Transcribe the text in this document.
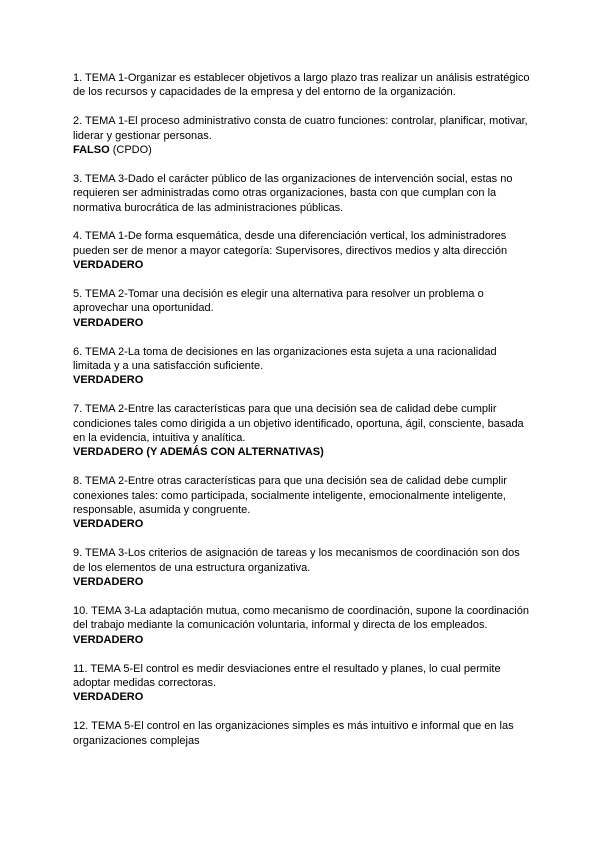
1. TEMA 1-Organizar es establecer objetivos a largo plazo tras realizar un análisis estratégico de los recursos y capacidades de la empresa y del entorno de la organización.
2. TEMA 1-El proceso administrativo consta de cuatro funciones: controlar, planificar, motivar, liderar y gestionar personas.
FALSO (CPDO)
3. TEMA 3-Dado el carácter público de las organizaciones de intervención social, estas no requieren ser administradas como otras organizaciones, basta con que cumplan con la normativa burocrática de las administraciones públicas.
4. TEMA 1-De forma esquemática, desde una diferenciación vertical, los administradores pueden ser de menor a mayor categoría: Supervisores, directivos medios y alta dirección
VERDADERO
5. TEMA 2-Tomar una decisión es elegir una alternativa para resolver un problema o aprovechar una oportunidad.
VERDADERO
6. TEMA 2-La toma de decisiones en las organizaciones esta sujeta a una racionalidad limitada y a una satisfacción suficiente.
VERDADERO
7. TEMA 2-Entre las características para que una decisión sea de calidad debe cumplir condiciones tales como dirigida a un objetivo identificado, oportuna, ágil, consciente, basada en la evidencia, intuitiva y analítica.
VERDADERO (Y ADEMÁS CON ALTERNATIVAS)
8. TEMA 2-Entre otras características para que una decisión sea de calidad debe cumplir conexiones tales: como participada, socialmente inteligente, emocionalmente inteligente, responsable, asumida y congruente.
VERDADERO
9. TEMA 3-Los criterios de asignación de tareas y los mecanismos de coordinación son dos de los elementos de una estructura organizativa.
VERDADERO
10. TEMA 3-La adaptación mutua, como mecanismo de coordinación, supone la coordinación del trabajo mediante la comunicación voluntaria, informal y directa de los empleados.
VERDADERO
11. TEMA 5-El control es medir desviaciones entre el resultado y planes, lo cual permite adoptar medidas correctoras.
VERDADERO
12. TEMA 5-El control en las organizaciones simples es más intuitivo e informal que en las organizaciones complejas
